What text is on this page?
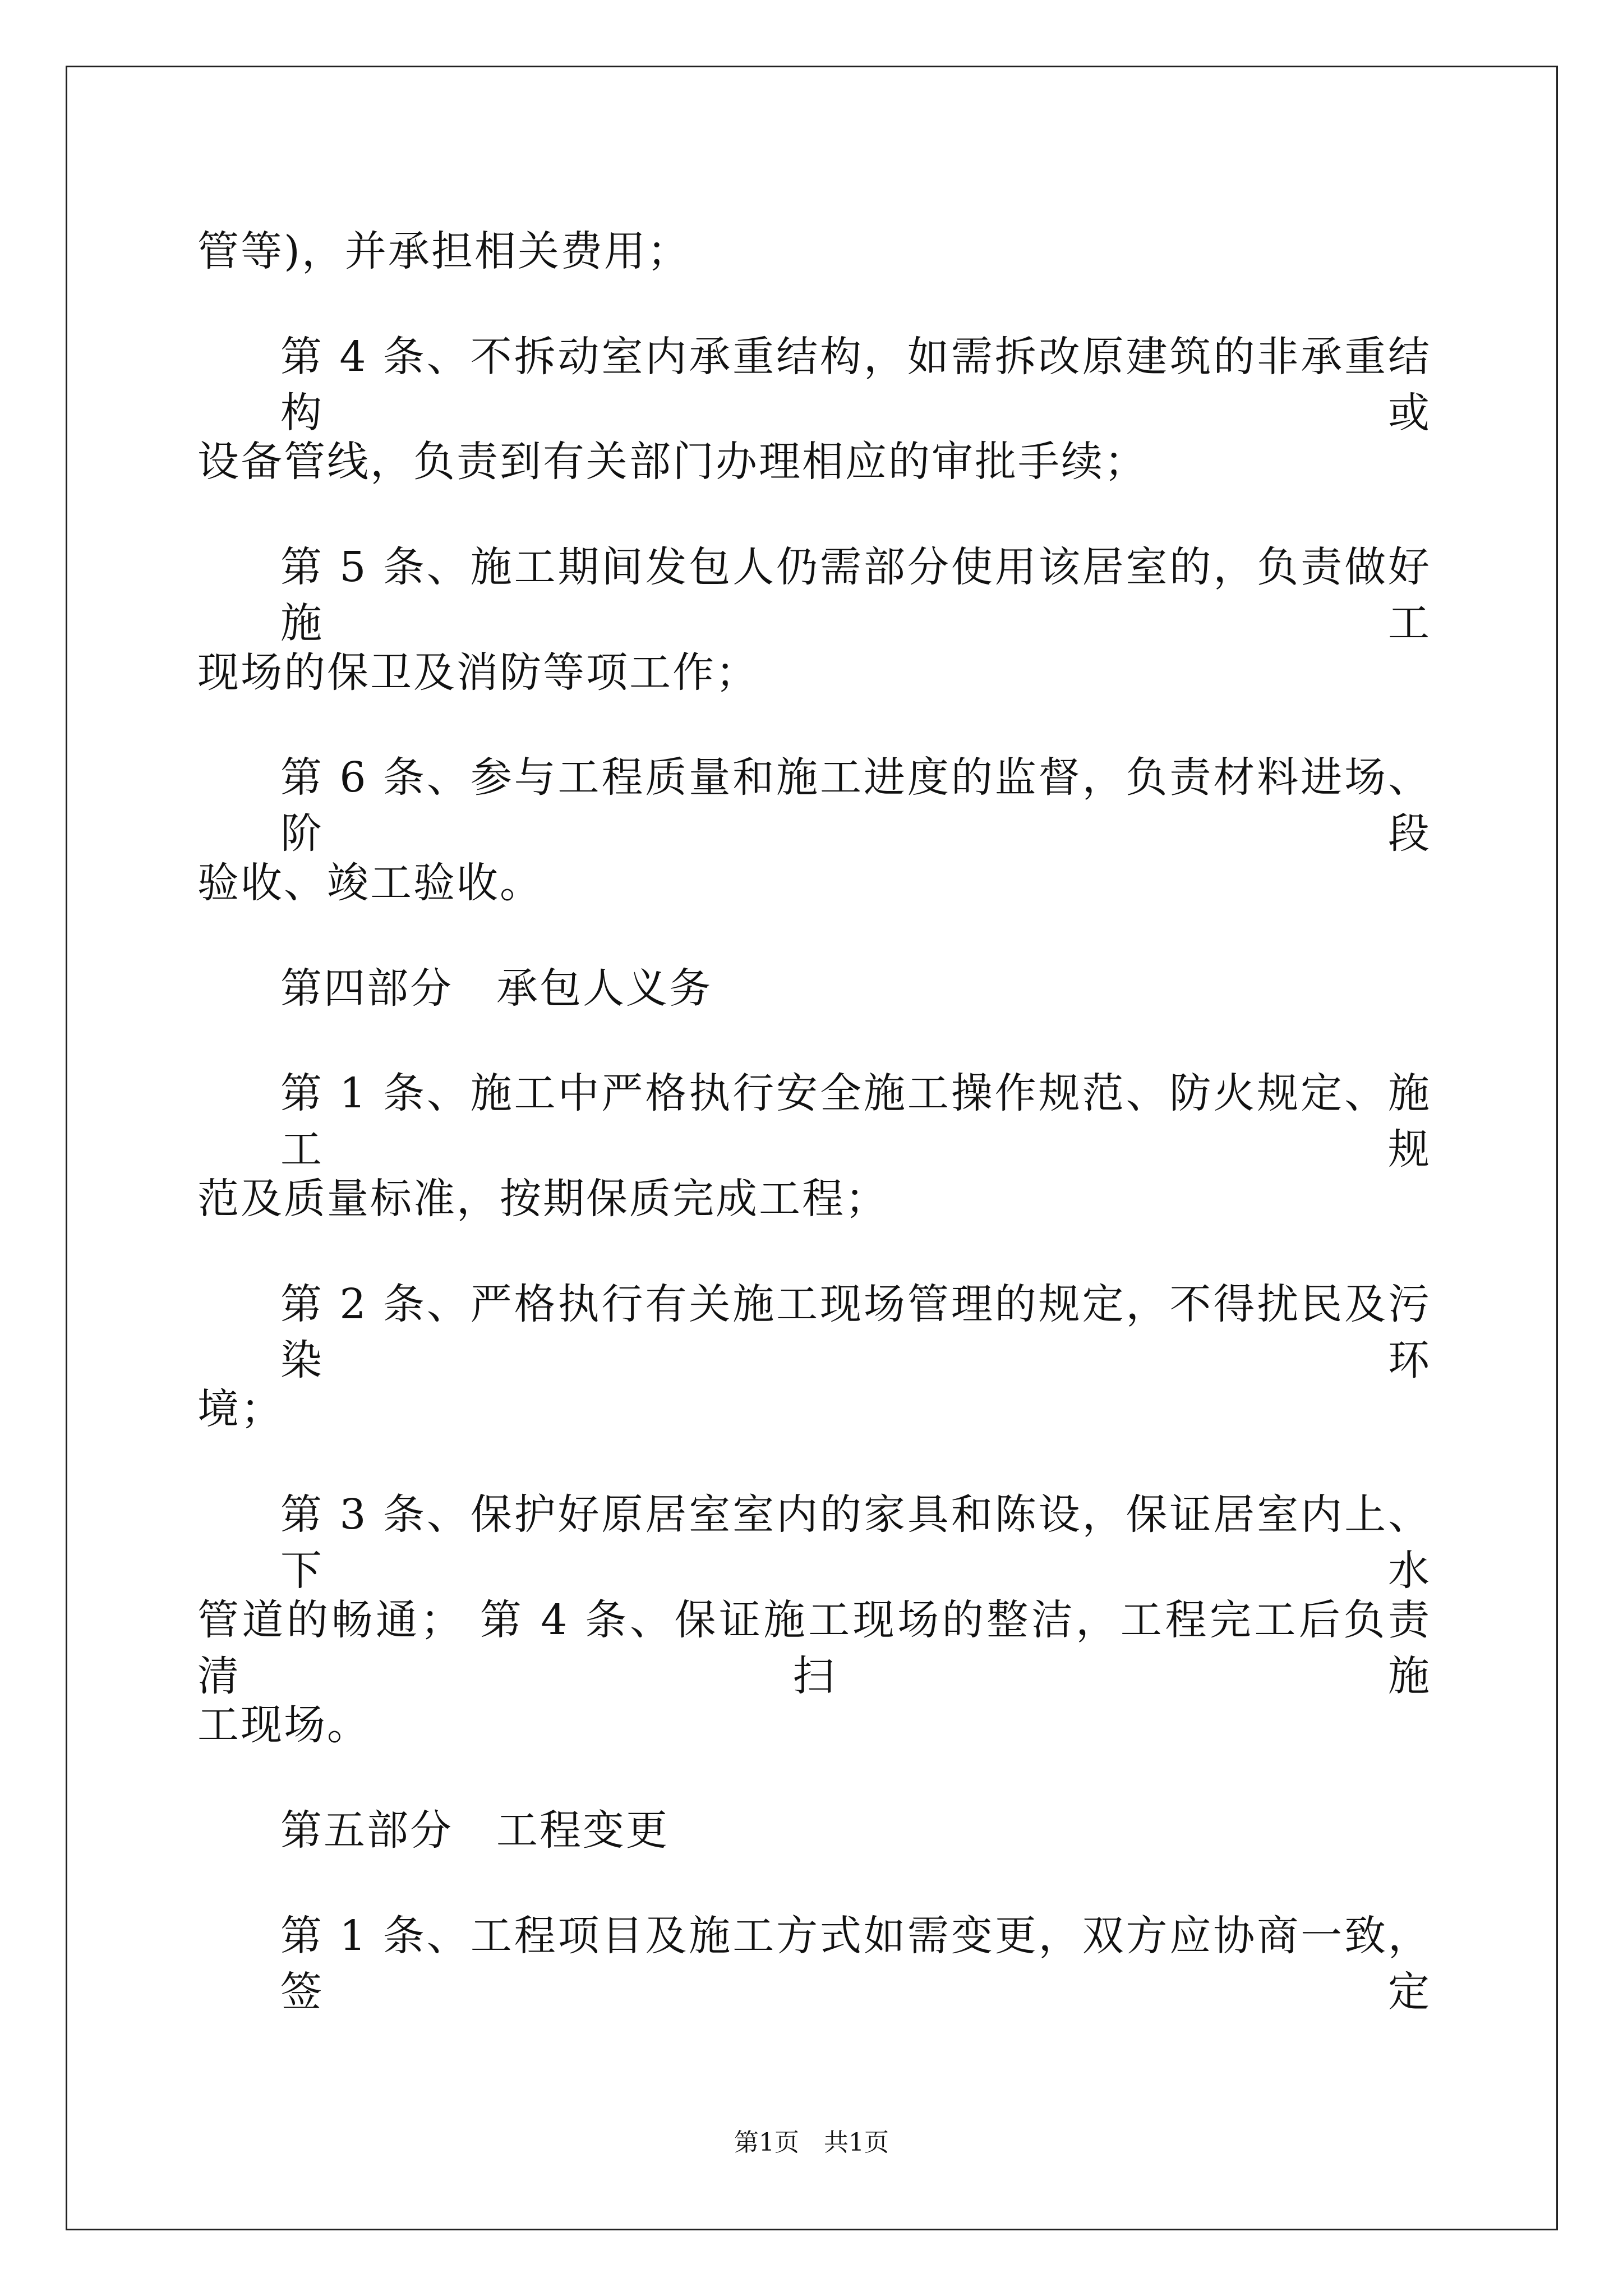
管等)，并承担相关费用；
第 4 条、不拆动室内承重结构，如需拆改原建筑的非承重结构或
设备管线，负责到有关部门办理相应的审批手续；
第 5 条、施工期间发包人仍需部分使用该居室的，负责做好施工
现场的保卫及消防等项工作；
第 6 条、参与工程质量和施工进度的监督，负责材料进场、阶段
验收、竣工验收。
第四部分　承包人义务
第 1 条、施工中严格执行安全施工操作规范、防火规定、施工规
范及质量标准，按期保质完成工程；
第 2 条、严格执行有关施工现场管理的规定，不得扰民及污染环
境；
第 3 条、保护好原居室室内的家具和陈设，保证居室内上、下水
管道的畅通； 第 4 条、保证施工现场的整洁，工程完工后负责清扫施
工现场。
第五部分　工程变更
第 1 条、工程项目及施工方式如需变更，双方应协商一致，签定
第1页　共1页
